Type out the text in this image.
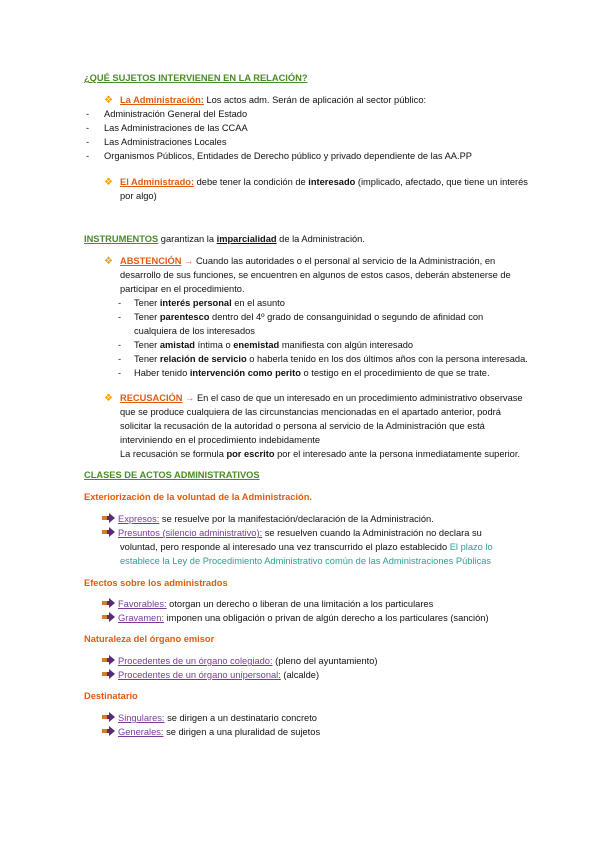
¿QUÉ SUJETOS INTERVIENEN EN LA RELACIÓN?
❖ La Administración: Los actos adm. Serán de aplicación al sector público:
- Administración General del Estado
- Las Administraciones de las CCAA
- Las Administraciones Locales
- Organismos Públicos, Entidades de Derecho público y privado dependiente de las AA.PP
❖ El Administrado: debe tener la condición de interesado (implicado, afectado, que tiene un interés
por algo)
INSTRUMENTOS garantizan la imparcialidad de la Administración.
❖ ABSTENCIÓN → Cuando las autoridades o el personal al servicio de la Administración, en
desarrollo de sus funciones, se encuentren en algunos de estos casos, deberán abstenerse de
participar en el procedimiento.
- Tener interés personal en el asunto
- Tener parentesco dentro del 4º grado de consanguinidad o segundo de afinidad con
cualquiera de los interesados
- Tener amistad íntima o enemistad manifiesta con algún interesado
- Tener relación de servicio o haberla tenido en los dos últimos años con la persona interesada.
- Haber tenido intervención como perito o testigo en el procedimiento de que se trate.
❖ RECUSACIÓN → En el caso de que un interesado en un procedimiento administrativo observase
que se produce cualquiera de las circunstancias mencionadas en el apartado anterior, podrá
solicitar la recusación de la autoridad o persona al servicio de la Administración que está
interviniendo en el procedimiento indebidamente
La recusación se formula por escrito por el interesado ante la persona inmediatamente superior.
CLASES DE ACTOS ADMINISTRATIVOS
Exteriorización de la voluntad de la Administración.
Expresos: se resuelve por la manifestación/declaración de la Administración.
Presuntos (silencio administrativo): se resuelven cuando la Administración no declara su
voluntad, pero responde al interesado una vez transcurrido el plazo establecido El plazo lo
establece la Ley de Procedimiento Administrativo común de las Administraciones Públicas
Efectos sobre los administrados
Favorables: otorgan un derecho o liberan de una limitación a los particulares
Gravamen: imponen una obligación o privan de algún derecho a los particulares (sanción)
Naturaleza del órgano emisor
Procedentes de un órgano colegiado: (pleno del ayuntamiento)
Procedentes de un órgano unipersonal: (alcalde)
Destinatario
Singulares: se dirigen a un destinatario concreto
Generales: se dirigen a una pluralidad de sujetos
